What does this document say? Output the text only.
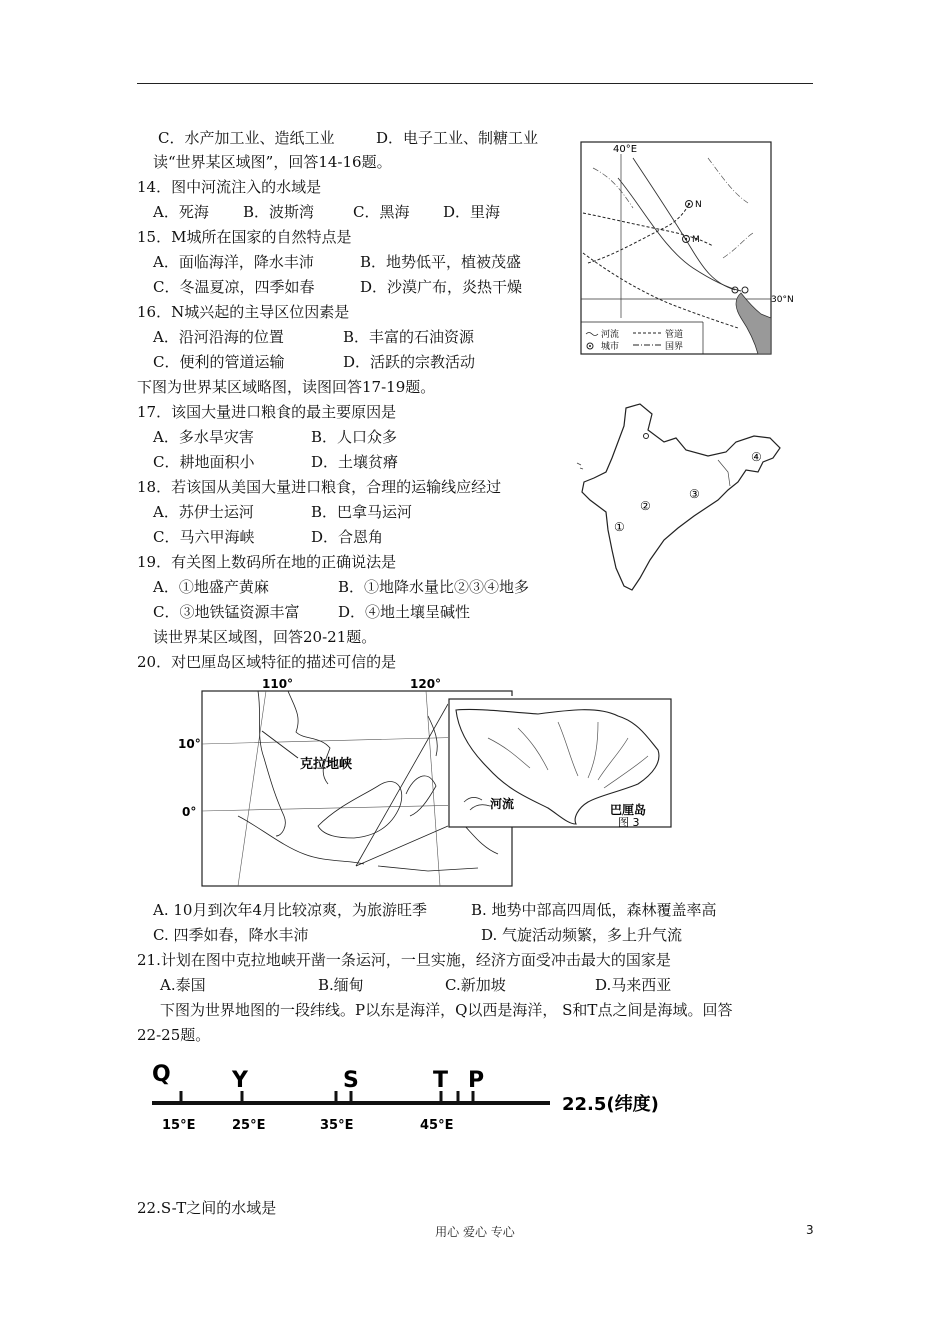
C．水产加工业、造纸工业	D．电子工业、制糖工业
读“世界某区域图”，回答14-16题。
14．图中河流注入的水域是
A．死海 B．波斯湾	C．黑海 D．里海
15．M城所在国家的自然特点是
A．面临海洋，降水丰沛	B．地势低平，植被茂盛
C．冬温夏凉，四季如春	D．沙漠广布，炎热干燥
16．N城兴起的主导区位因素是
A．沿河沿海的位置	B．丰富的石油资源
C．便利的管道运输	D．活跃的宗教活动
下图为世界某区域略图，读图回答17-19题。
17．该国大量进口粮食的最主要原因是
A．多水旱灾害	B．人口众多
C．耕地面积小	D．土壤贫瘠
18．若该国从美国大量进口粮食，合理的运输线应经过
A．苏伊士运河	B．巴拿马运河
C．马六甲海峡	D．合恩角
19．有关图上数码所在地的正确说法是
A．①地盛产黄麻	B．①地降水量比②③④地多
C．③地铁锰资源丰富	D．④地土壤呈碱性
读世界某区域图，回答20-21题。
20．对巴厘岛区域特征的描述可信的是
A. 10月到次年4月比较凉爽，为旅游旺季	B. 地势中部高四周低，森林覆盖率高
C. 四季如春，降水丰沛	D. 气旋活动频繁，多上升气流
21.计划在图中克拉地峡开凿一条运河，一旦实施，经济方面受冲击最大的国家是
A.泰国	B.缅甸	C.新加坡	D.马来西亚
下图为世界地图的一段纬线。P以东是海洋，Q以西是海洋， S和T点之间是海域。回答
22-25题。
22.S-T之间的水域是
40°E
N
M
30°N
河流	管道
城市	国界
①
②
③
④
110°	120°
10°
0°
克拉地峡
河流	巴厘岛
图 3
Q	Y	S	T P
15°E	25°E	35°E	45°E
22.5(纬度)
用心 爱心 专心	3
